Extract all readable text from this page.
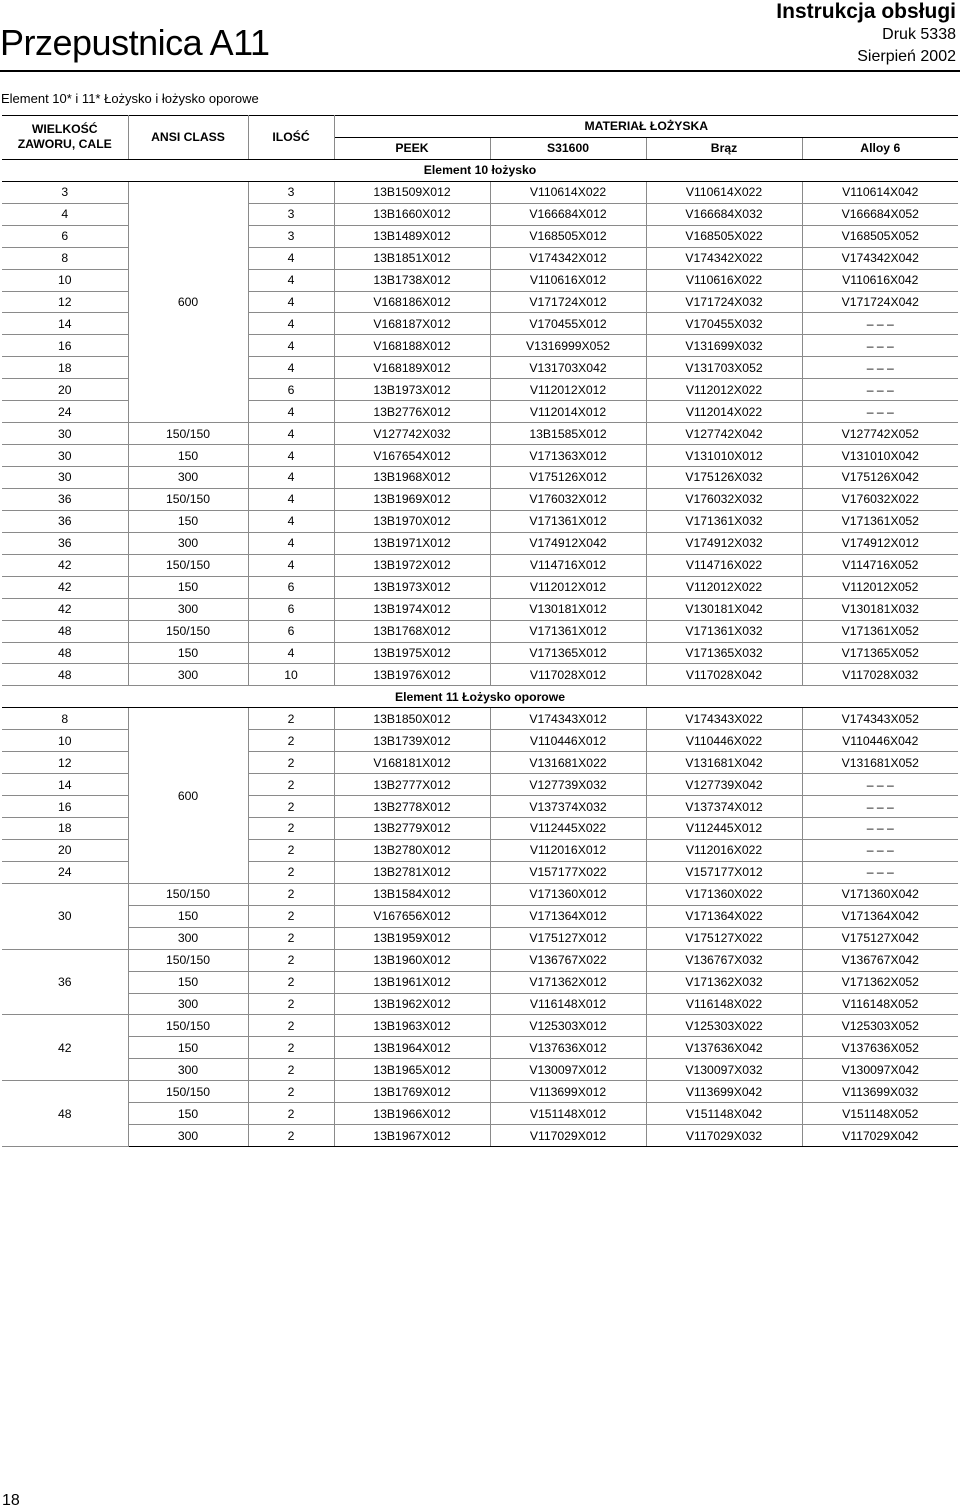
Przepustnica A11
Instrukcja obsługi
Druk 5338
Sierpień 2002
Element 10* i 11* Łożysko i łożysko oporowe
WIELKOŚĆ ZAWORU, CALE	ANSI CLASS	ILOŚĆ	MATERIAŁ ŁOŻYSKA			
			PEEK	S31600	Brąz	Alloy 6
Element 10 łożysko						
3	600	3	13B1509X012	V110614X022	V110614X022	V110614X042
4		3	13B1660X012	V166684X012	V166684X032	V166684X052
6		3	13B1489X012	V168505X012	V168505X022	V168505X052
8		4	13B1851X012	V174342X012	V174342X022	V174342X042
10		4	13B1738X012	V110616X012	V110616X022	V110616X042
12		4	V168186X012	V171724X012	V171724X032	V171724X042
14		4	V168187X012	V170455X012	V170455X032	– – –
16		4	V168188X012	V1316999X052	V131699X032	– – –
18		4	V168189X012	V131703X042	V131703X052	– – –
20		6	13B1973X012	V112012X012	V112012X022	– – –
24		4	13B2776X012	V112014X012	V112014X022	– – –
30	150/150	4	V127742X032	13B1585X012	V127742X042	V127742X052
30	150	4	V167654X012	V171363X012	V131010X012	V131010X042
30	300	4	13B1968X012	V175126X012	V175126X032	V175126X042
36	150/150	4	13B1969X012	V176032X012	V176032X032	V176032X022
36	150	4	13B1970X012	V171361X012	V171361X032	V171361X052
36	300	4	13B1971X012	V174912X042	V174912X032	V174912X012
42	150/150	4	13B1972X012	V114716X012	V114716X022	V114716X052
42	150	6	13B1973X012	V112012X012	V112012X022	V112012X052
42	300	6	13B1974X012	V130181X012	V130181X042	V130181X032
48	150/150	6	13B1768X012	V171361X012	V171361X032	V171361X052
48	150	4	13B1975X012	V171365X012	V171365X032	V171365X052
48	300	10	13B1976X012	V117028X012	V117028X042	V117028X032
Element 11 Łożysko oporowe						
8	600	2	13B1850X012	V174343X012	V174343X022	V174343X052
10		2	13B1739X012	V110446X012	V110446X022	V110446X042
12		2	V168181X012	V131681X022	V131681X042	V131681X052
14		2	13B2777X012	V127739X032	V127739X042	– – –
16		2	13B2778X012	V137374X032	V137374X012	– – –
18		2	13B2779X012	V112445X022	V112445X012	– – –
20		2	13B2780X012	V112016X012	V112016X022	– – –
24		2	13B2781X012	V157177X022	V157177X012	– – –
30	150/150	2	13B1584X012	V171360X012	V171360X022	V171360X042
	150	2	V167656X012	V171364X012	V171364X022	V171364X042
	300	2	13B1959X012	V175127X012	V175127X022	V175127X042
36	150/150	2	13B1960X012	V136767X022	V136767X032	V136767X042
	150	2	13B1961X012	V171362X012	V171362X032	V171362X052
	300	2	13B1962X012	V116148X012	V116148X022	V116148X052
42	150/150	2	13B1963X012	V125303X012	V125303X022	V125303X052
	150	2	13B1964X012	V137636X012	V137636X042	V137636X052
	300	2	13B1965X012	V130097X012	V130097X032	V130097X042
48	150/150	2	13B1769X012	V113699X012	V113699X042	V113699X032
	150	2	13B1966X012	V151148X012	V151148X042	V151148X052
	300	2	13B1967X012	V117029X012	V117029X032	V117029X042
18
